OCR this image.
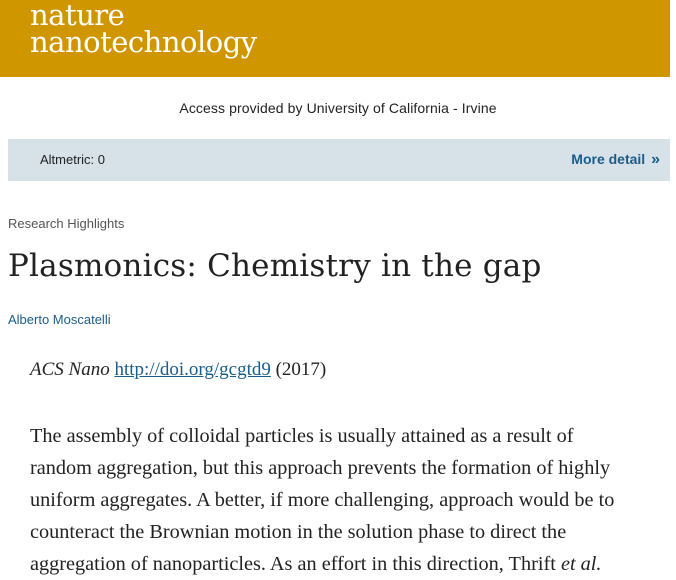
nature
nanotechnology
Access provided by University of California - Irvine
Altmetric: 0	More detail »
Research Highlights
Plasmonics: Chemistry in the gap
Alberto Moscatelli
ACS Nano http://doi.org/gcgtd9 (2017)

The assembly of colloidal particles is usually attained as a result of
random aggregation, but this approach prevents the formation of highly
uniform aggregates. A better, if more challenging, approach would be to
counteract the Brownian motion in the solution phase to direct the
aggregation of nanoparticles. As an effort in this direction, Thrift et al.
